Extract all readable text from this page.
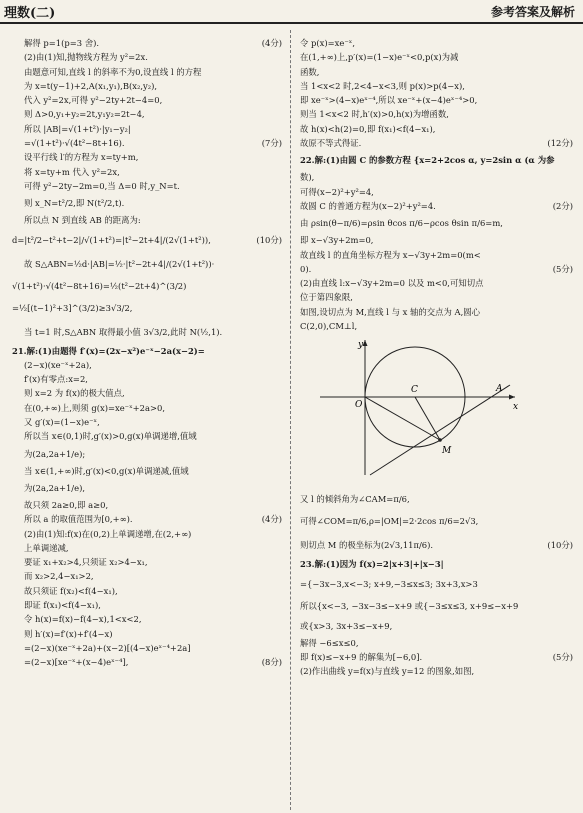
理数(二)	参考答案及解析
解得 p=1(p=3 舍).	(4分)
(2)由(1)知,抛物线方程为 y²=2x.
由题意可知,直线 l 的斜率不为0,设直线 l 的方程
为 x=t(y−1)+2,A(x₁,y₁),B(x₂,y₂),
代入 y²=2x,可得 y²−2ty+2t−4=0,
则 Δ>0,y₁+y₂=2t,y₁y₂=2t−4,
所以 |AB|=√(1+t²)·|y₁−y₂|
=√(1+t²)·√(4t²−8t+16).	(7分)
设平行线 l′的方程为 x=ty+m,
将 x=ty+m 代入 y²=2x,
可得 y²−2ty−2m=0,当 Δ=0 时,y_N=t.
则 x_N=t²/2,即 N(t²/2,t).
所以点 N 到直线 AB 的距离为:
d=|t²/2−t²+t−2|/√(1+t²)=|t²−2t+4|/(2√(1+t²)),	(10分)
故 S△ABN=½d·|AB|=½·|t²−2t+4|/(2√(1+t²))·
√(1+t²)·√(4t²−8t+16)=½(t²−2t+4)^(3/2)
=½[(t−1)²+3]^(3/2)≥3√3/2,
当 t=1 时,S△ABN 取得最小值 3√3/2,此时 N(½,1).
21.解:(1)由题得 f′(x)=(2x−x²)e⁻ˣ−2a(x−2)=
(2−x)(xe⁻ˣ+2a),
f′(x)有零点:x=2,
则 x=2 为 f(x)的极大值点,
在(0,+∞)上,则须 g(x)=xe⁻ˣ+2a>0,
又 g′(x)=(1−x)e⁻ˣ,
所以当 x∈(0,1)时,g′(x)>0,g(x)单调递增,值域
为(2a,2a+1/e);
当 x∈(1,+∞)时,g′(x)<0,g(x)单调递减,值域
为(2a,2a+1/e),
故只须 2a≥0,即 a≥0,
所以 a 的取值范围为[0,+∞).	(4分)
(2)由(1)知:f(x)在(0,2)上单调递增,在(2,+∞)
上单调递减,
要证 x₁+x₂>4,只须证 x₂>4−x₁,
而 x₂>2,4−x₁>2,
故只须证 f(x₂)<f(4−x₁),
即证 f(x₁)<f(4−x₁),
令 h(x)=f(x)−f(4−x),1<x<2,
则 h′(x)=f′(x)+f′(4−x)
=(2−x)(xe⁻ˣ+2a)+(x−2)[(4−x)eˣ⁻⁴+2a]
=(2−x)[xe⁻ˣ+(x−4)eˣ⁻⁴],	(8分)
令 p(x)=xe⁻ˣ,
在(1,+∞)上,p′(x)=(1−x)e⁻ˣ<0,p(x)为减
函数,
当 1<x<2 时,2<4−x<3,则 p(x)>p(4−x),
即 xe⁻ˣ>(4−x)eˣ⁻⁴,所以 xe⁻ˣ+(x−4)eˣ⁻⁴>0,
则当 1<x<2 时,h′(x)>0,h(x)为增函数,
故 h(x)<h(2)=0,即 f(x₁)<f(4−x₁),
故原不等式得证.	(12分)
22.解:(1)由圆 C 的参数方程 {x=2+2cos α, y=2sin α (α 为参
数),
可得(x−2)²+y²=4,
故圆 C 的普通方程为(x−2)²+y²=4.	(2分)
由 ρsin(θ−π/6)=ρsin θcos π/6−ρcos θsin π/6=m,
即 x−√3y+2m=0,
故直线 l 的直角坐标方程为 x−√3y+2m=0(m<
0).	(5分)
(2)由直线 l:x−√3y+2m=0 以及 m<0,可知切点
位于第四象限,
如图,设切点为 M,直线 l 与 x 轴的交点为 A,圆心
C(2,0),CM⊥l,
y
O
C	A
x
M
又 l 的倾斜角为∠CAM=π/6,
可得∠COM=π/6,ρ=|OM|=2·2cos π/6=2√3,
则切点 M 的极坐标为(2√3,11π/6).	(10分)
23.解:(1)因为 f(x)=2|x+3|+|x−3|
={−3x−3,x<−3; x+9,−3≤x≤3; 3x+3,x>3
所以{x<−3, −3x−3≤−x+9 或{−3≤x≤3, x+9≤−x+9
或{x>3, 3x+3≤−x+9,
解得 −6≤x≤0,
即 f(x)≤−x+9 的解集为[−6,0].	(5分)
(2)作出曲线 y=f(x)与直线 y=12 的图象,如图,
